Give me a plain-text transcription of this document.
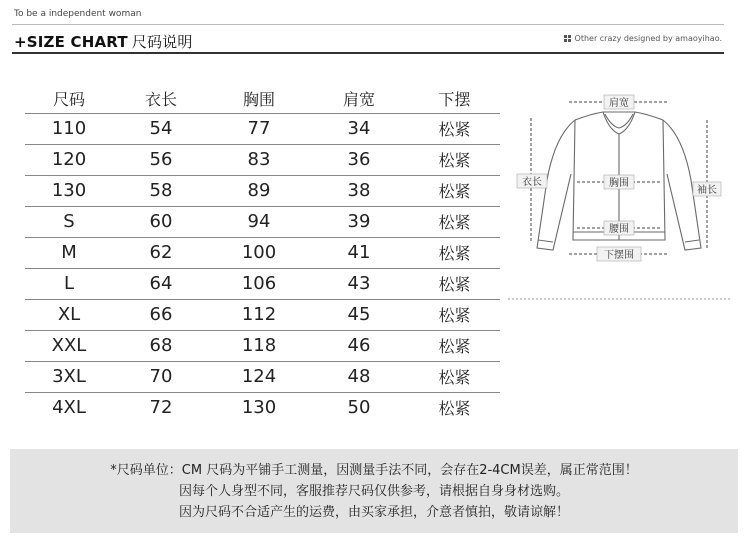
To be a independent woman
+SIZE CHART 尺码说明	Other crazy designed by amaoyihao.
尺码	衣长	胸围	肩宽	下摆
110	54	77	34	松紧
120	56	83	36	松紧
130	58	89	38	松紧
S	60	94	39	松紧
M	62	100	41	松紧
L	64	106	43	松紧
XL	66	112	45	松紧
XXL	68	118	46	松紧
3XL	70	124	48	松紧
4XL	72	130	50	松紧
肩宽
衣长	胸围
袖长
腰围
下摆围

*尺码单位：CM 尺码为平铺手工测量，因测量手法不同，会存在2-4CM误差，属正常范围！

因每个人身型不同，客服推荐尺码仅供参考，请根据自身身材选购。

因为尺码不合适产生的运费，由买家承担，介意者慎拍，敬请谅解！
